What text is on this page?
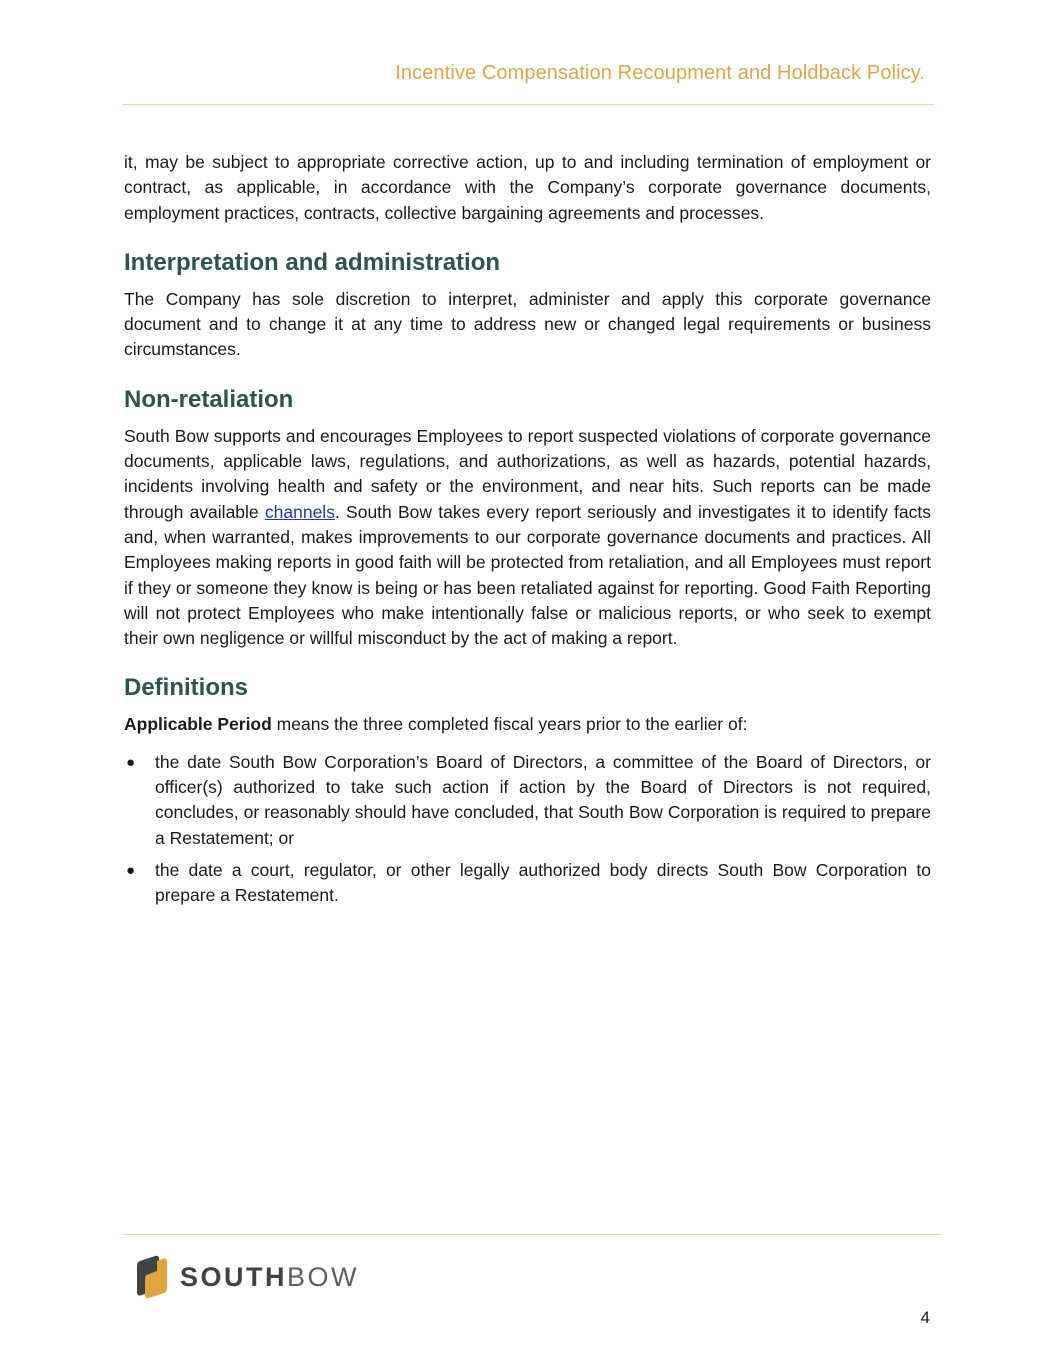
Incentive Compensation Recoupment and Holdback Policy.

it, may be subject to appropriate corrective action, up to and including termination of employment or contract, as applicable, in accordance with the Company’s corporate governance documents, employment practices, contracts, collective bargaining agreements and processes.

Interpretation and administration

The Company has sole discretion to interpret, administer and apply this corporate governance document and to change it at any time to address new or changed legal requirements or business circumstances.

Non-retaliation

South Bow supports and encourages Employees to report suspected violations of corporate governance documents, applicable laws, regulations, and authorizations, as well as hazards, potential hazards, incidents involving health and safety or the environment, and near hits. Such reports can be made through available channels. South Bow takes every report seriously and investigates it to identify facts and, when warranted, makes improvements to our corporate governance documents and practices. All Employees making reports in good faith will be protected from retaliation, and all Employees must report if they or someone they know is being or has been retaliated against for reporting. Good Faith Reporting will not protect Employees who make intentionally false or malicious reports, or who seek to exempt their own negligence or willful misconduct by the act of making a report.

Definitions

Applicable Period means the three completed fiscal years prior to the earlier of:

● the date South Bow Corporation’s Board of Directors, a committee of the Board of Directors, or officer(s) authorized to take such action if action by the Board of Directors is not required, concludes, or reasonably should have concluded, that South Bow Corporation is required to prepare a Restatement; or
● the date a court, regulator, or other legally authorized body directs South Bow Corporation to prepare a Restatement.
SOUTHBOW
4
